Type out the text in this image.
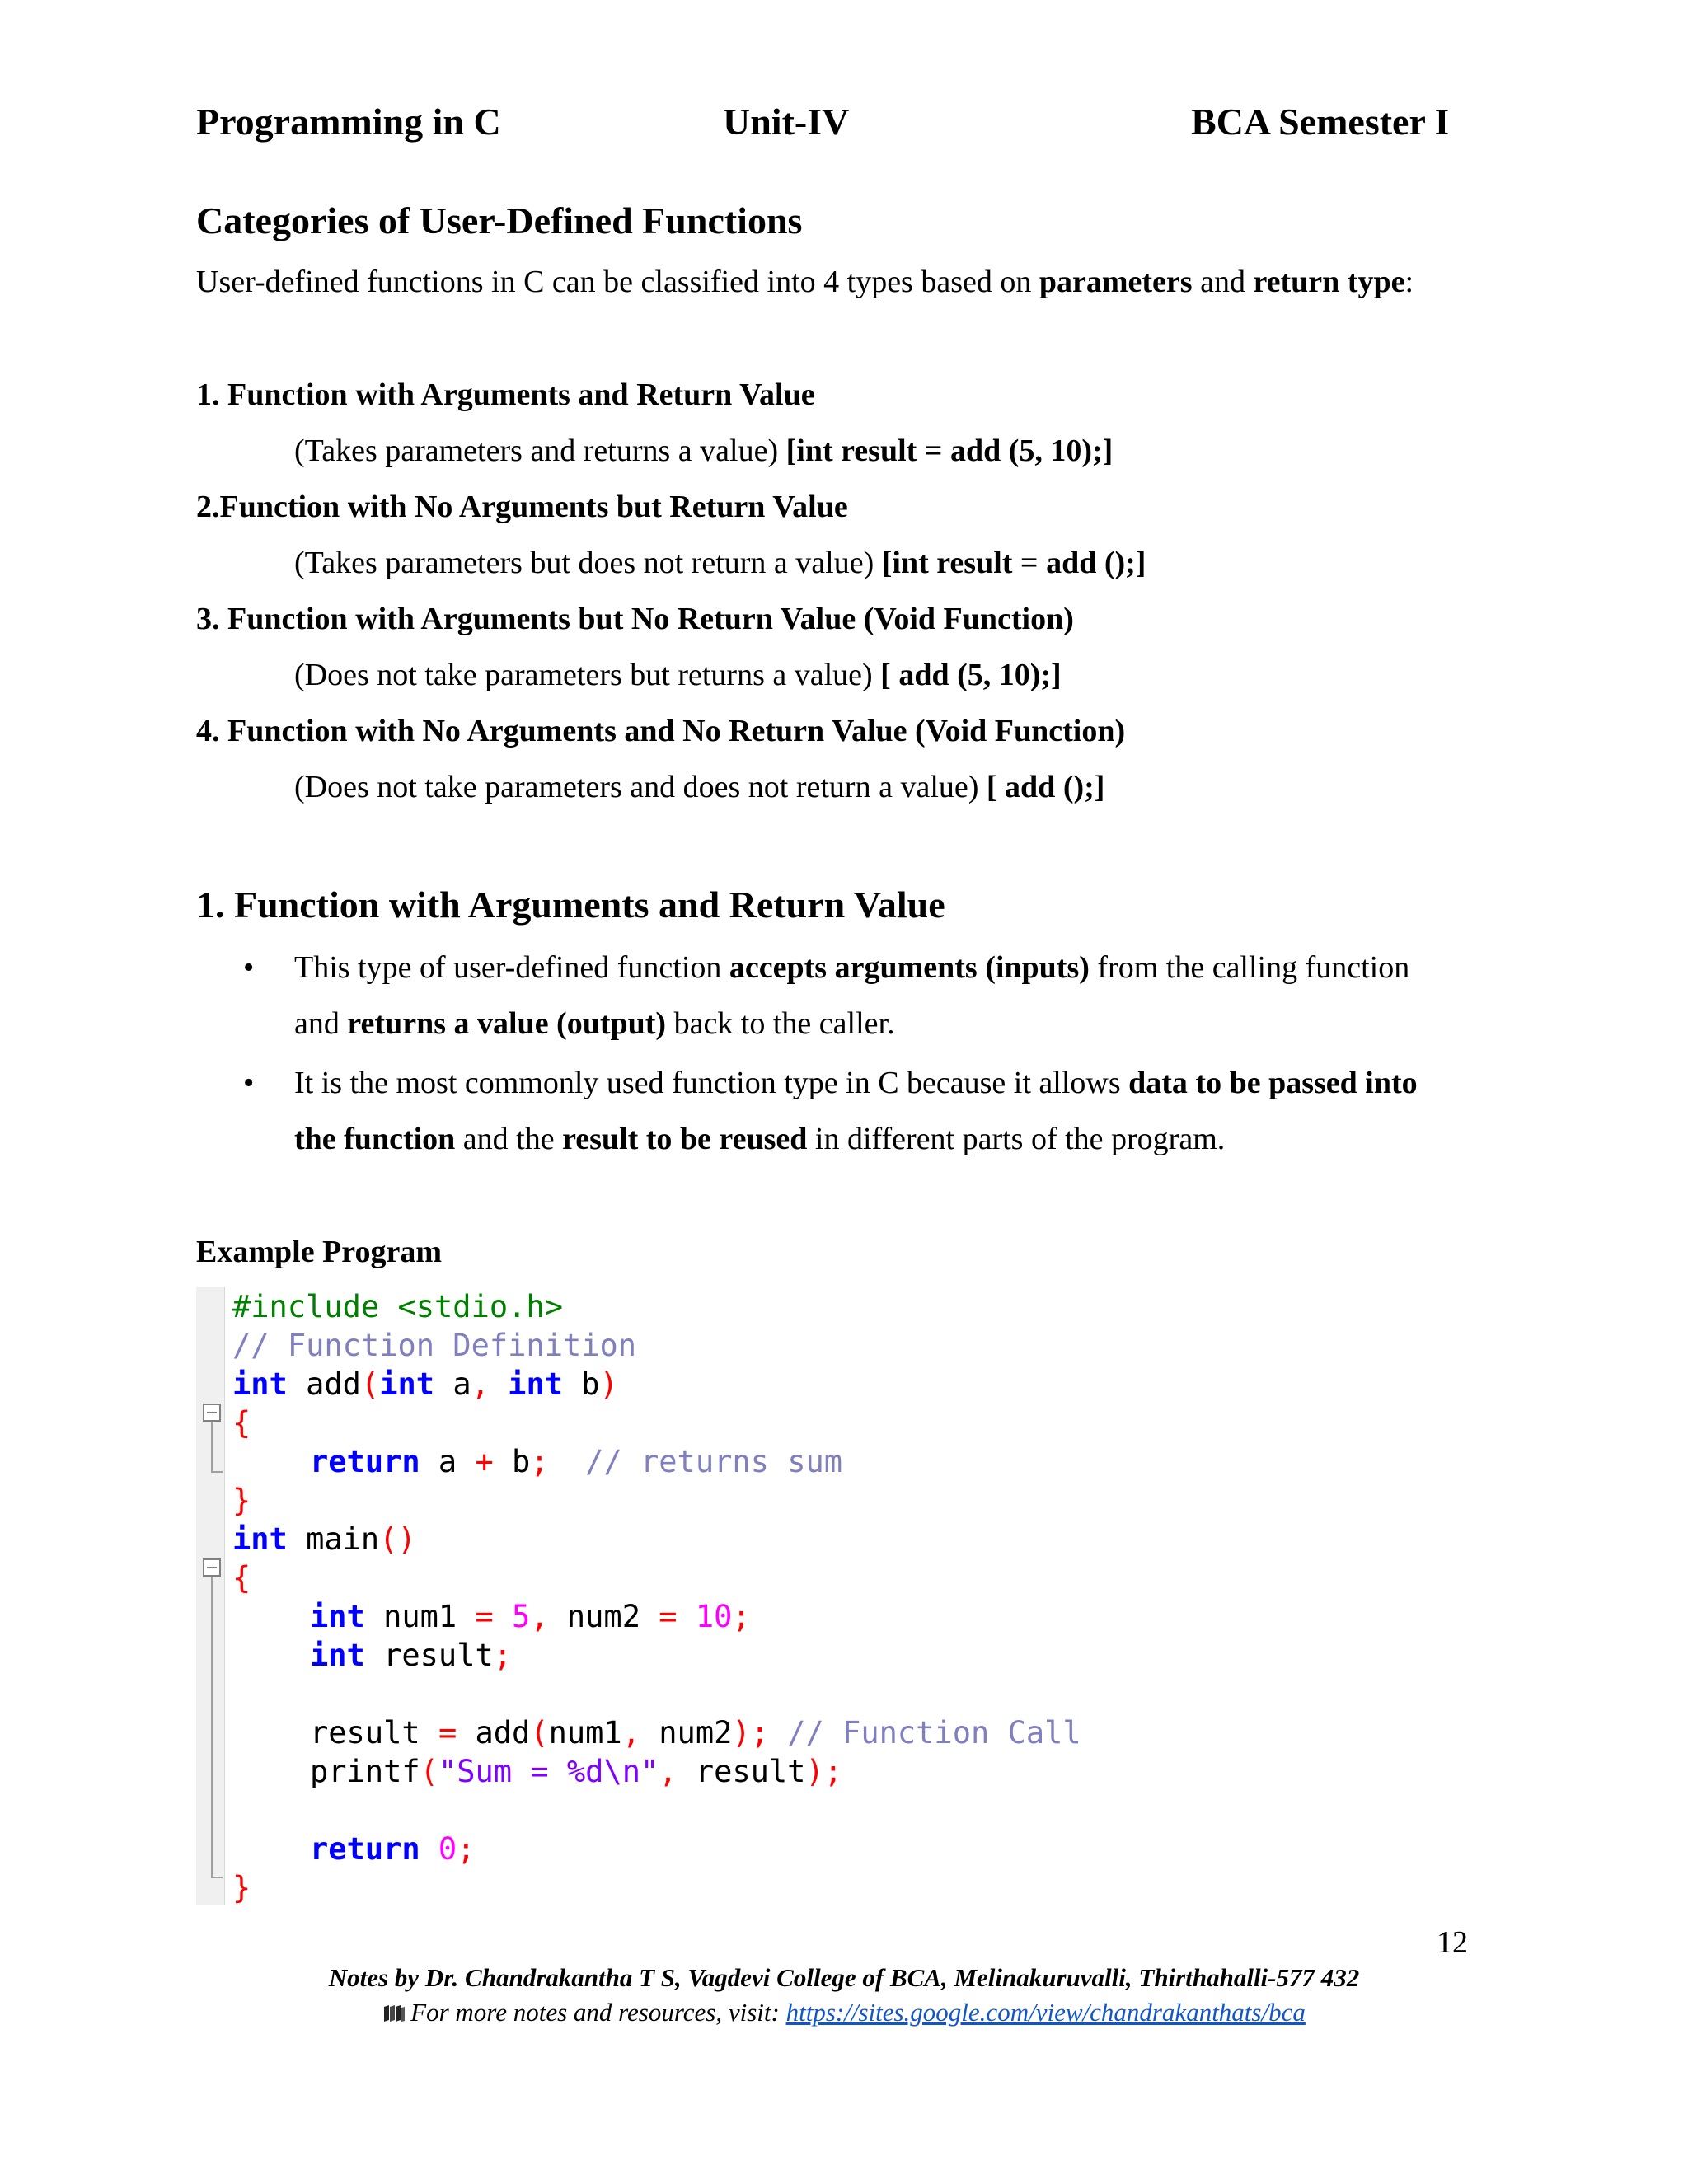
Programming in C	Unit-IV	BCA Semester I
Categories of User-Defined Functions
User-defined functions in C can be classified into 4 types based on parameters and return type:
1. Function with Arguments and Return Value
(Takes parameters and returns a value) [int result = add (5, 10);]
2.Function with No Arguments but Return Value
(Takes parameters but does not return a value) [int result = add ();]
3. Function with Arguments but No Return Value (Void Function)
(Does not take parameters but returns a value) [ add (5, 10);]
4. Function with No Arguments and No Return Value (Void Function)
(Does not take parameters and does not return a value) [ add ();]
1. Function with Arguments and Return Value
• This type of user-defined function accepts arguments (inputs) from the calling function
and returns a value (output) back to the caller.
• It is the most commonly used function type in C because it allows data to be passed into
the function and the result to be reused in different parts of the program.
Example Program
#include <stdio.h>
// Function Definition
int add(int a, int b)
{
return a + b;  // returns sum
}
int main()
{
int num1 = 5, num2 = 10;
int result;
result = add(num1, num2); // Function Call
printf("Sum = %d\n", result);
return 0;
}
12
Notes by Dr. Chandrakantha T S, Vagdevi College of BCA, Melinakuruvalli, Thirthahalli-577 432
For more notes and resources, visit: https://sites.google.com/view/chandrakanthats/bca
